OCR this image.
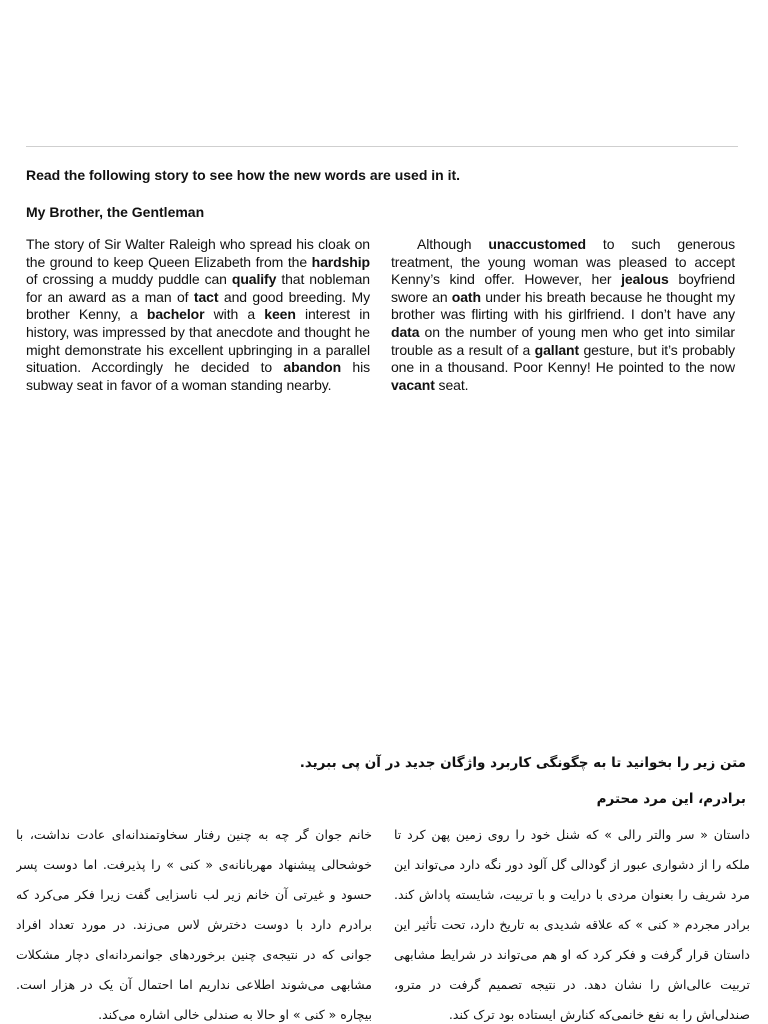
Read the following story to see how the new words are used in it.

My Brother, the Gentleman

The story of Sir Walter Raleigh who spread his cloak on the ground to keep Queen Elizabeth from the hardship of crossing a muddy puddle can qualify that nobleman for an award as a man of tact and good breeding. My brother Kenny, a bachelor with a keen interest in history, was impressed by that anecdote and thought he might demonstrate his excellent upbringing in a parallel situation. Accordingly he decided to abandon his subway seat in favor of a woman standing nearby.

Although unaccustomed to such generous treatment, the young woman was pleased to accept Kenny’s kind offer. However, her jealous boyfriend swore an oath under his breath because he thought my brother was flirting with his girlfriend. I don’t have any data on the number of young men who get into similar trouble as a result of a gallant gesture, but it’s probably one in a thousand. Poor Kenny! He pointed to the now vacant seat.

متن زیر را بخوانید تا به چگونگی کاربرد واژگان جدید در آن پی ببرید.

برادرم، این مرد محترم

داستان « سر والتر رالی » که شنل خود را روی زمین پهن کرد تا ملکه را از دشواری عبور از گودالی گل آلود دور نگه دارد می‌تواند این مرد شریف را بعنوان مردی با درایت و با تربیت، شایسته پاداش کند. برادر مجردم « کنی » که علاقه شدیدی به تاریخ دارد، تحت تأثیر این داستان قرار گرفت و فکر کرد که او هم می‌تواند در شرایط مشابهی تربیت عالی‌اش را نشان دهد. در نتیجه تصمیم گرفت در مترو، صندلی‌اش را به نفع خانمی‌که کنارش ایستاده بود ترک کند.

خانم جوان گر چه به چنین رفتار سخاوتمندانه‌ای عادت نداشت، با خوشحالی پیشنهاد مهربانانه‌ی « کنی » را پذیرفت. اما دوست پسر حسود و غیرتی آن خانم زیر لب ناسزایی گفت زیرا فکر می‌کرد که برادرم دارد با دوست دخترش لاس می‌زند. در مورد تعداد افراد جوانی که در نتیجه‌ی چنین برخوردهای جوانمردانه‌ای دچار مشکلات مشابهی می‌شوند اطلاعی نداریم اما احتمال آن یک در هزار است. بیچاره « کنی » او حالا به صندلی خالی اشاره می‌کند.
